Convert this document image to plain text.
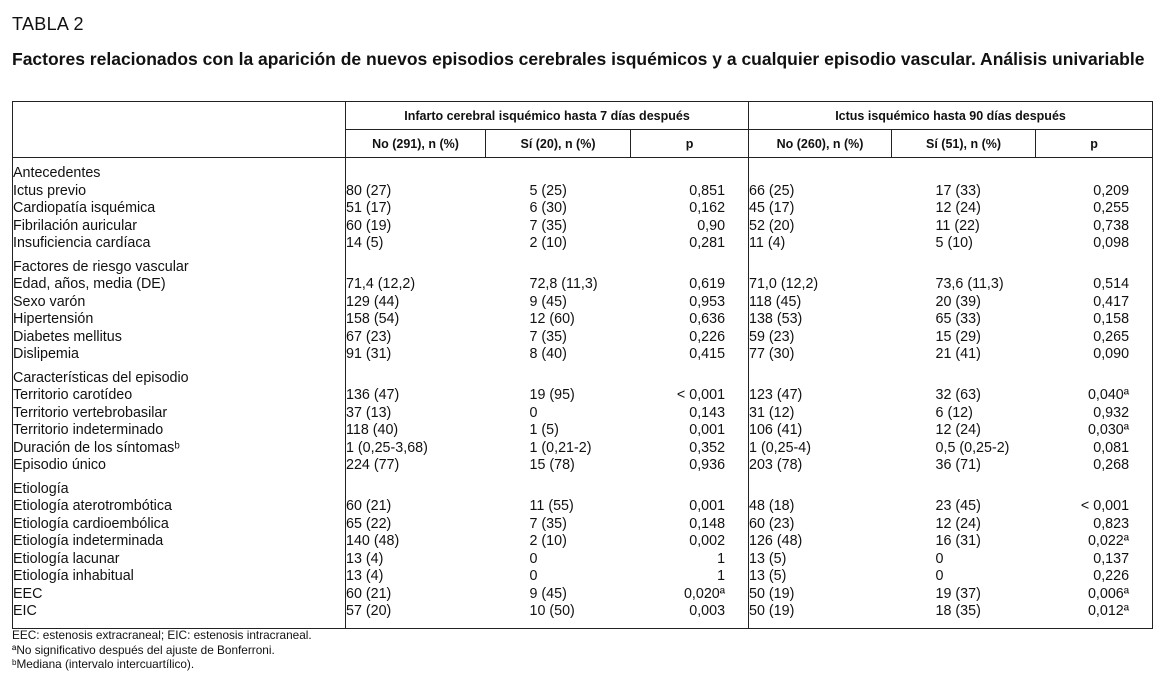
TABLA 2
Factores relacionados con la aparición de nuevos episodios cerebrales isquémicos y a cualquier episodio vascular. Análisis univariable
	Infarto cerebral isquémico hasta 7 días después			Ictus isquémico hasta 90 días después		
	No (291), n (%)	Sí (20), n (%)	p	No (260), n (%)	Sí (51), n (%)	p
Antecedentes						
Ictus previo	80 (27)	5 (25)	0,851	66 (25)	17 (33)	0,209
Cardiopatía isquémica	51 (17)	6 (30)	0,162	45 (17)	12 (24)	0,255
Fibrilación auricular	60 (19)	7 (35)	0,90	52 (20)	11 (22)	0,738
Insuficiencia cardíaca	14 (5)	2 (10)	0,281	11 (4)	5 (10)	0,098
Factores de riesgo vascular						
Edad, años, media (DE)	71,4 (12,2)	72,8 (11,3)	0,619	71,0 (12,2)	73,6 (11,3)	0,514
Sexo varón	129 (44)	9 (45)	0,953	118 (45)	20 (39)	0,417
Hipertensión	158 (54)	12 (60)	0,636	138 (53)	65 (33)	0,158
Diabetes mellitus	67 (23)	7 (35)	0,226	59 (23)	15 (29)	0,265
Dislipemia	91 (31)	8 (40)	0,415	77 (30)	21 (41)	0,090
Características del episodio						
Territorio carotídeo	136 (47)	19 (95)	< 0,001	123 (47)	32 (63)	0,040ª
Territorio vertebrobasilar	37 (13)	0	0,143	31 (12)	6 (12)	0,932
Territorio indeterminado	118 (40)	1 (5)	0,001	106 (41)	12 (24)	0,030ª
Duración de los síntomasᵇ	1 (0,25-3,68)	1 (0,21-2)	0,352	1 (0,25-4)	0,5 (0,25-2)	0,081
Episodio único	224 (77)	15 (78)	0,936	203 (78)	36 (71)	0,268
Etiología						
Etiología aterotrombótica	60 (21)	11 (55)	0,001	48 (18)	23 (45)	< 0,001
Etiología cardioembólica	65 (22)	7 (35)	0,148	60 (23)	12 (24)	0,823
Etiología indeterminada	140 (48)	2 (10)	0,002	126 (48)	16 (31)	0,022ª
Etiología lacunar	13 (4)	0	1	13 (5)	0	0,137
Etiología inhabitual	13 (4)	0	1	13 (5)	0	0,226
EEC	60 (21)	9 (45)	0,020ª	50 (19)	19 (37)	0,006ª
EIC	57 (20)	10 (50)	0,003	50 (19)	18 (35)	0,012ª
EEC: estenosis extracraneal; EIC: estenosis intracraneal.
ªNo significativo después del ajuste de Bonferroni.
ᵇMediana (intervalo intercuartílico).
